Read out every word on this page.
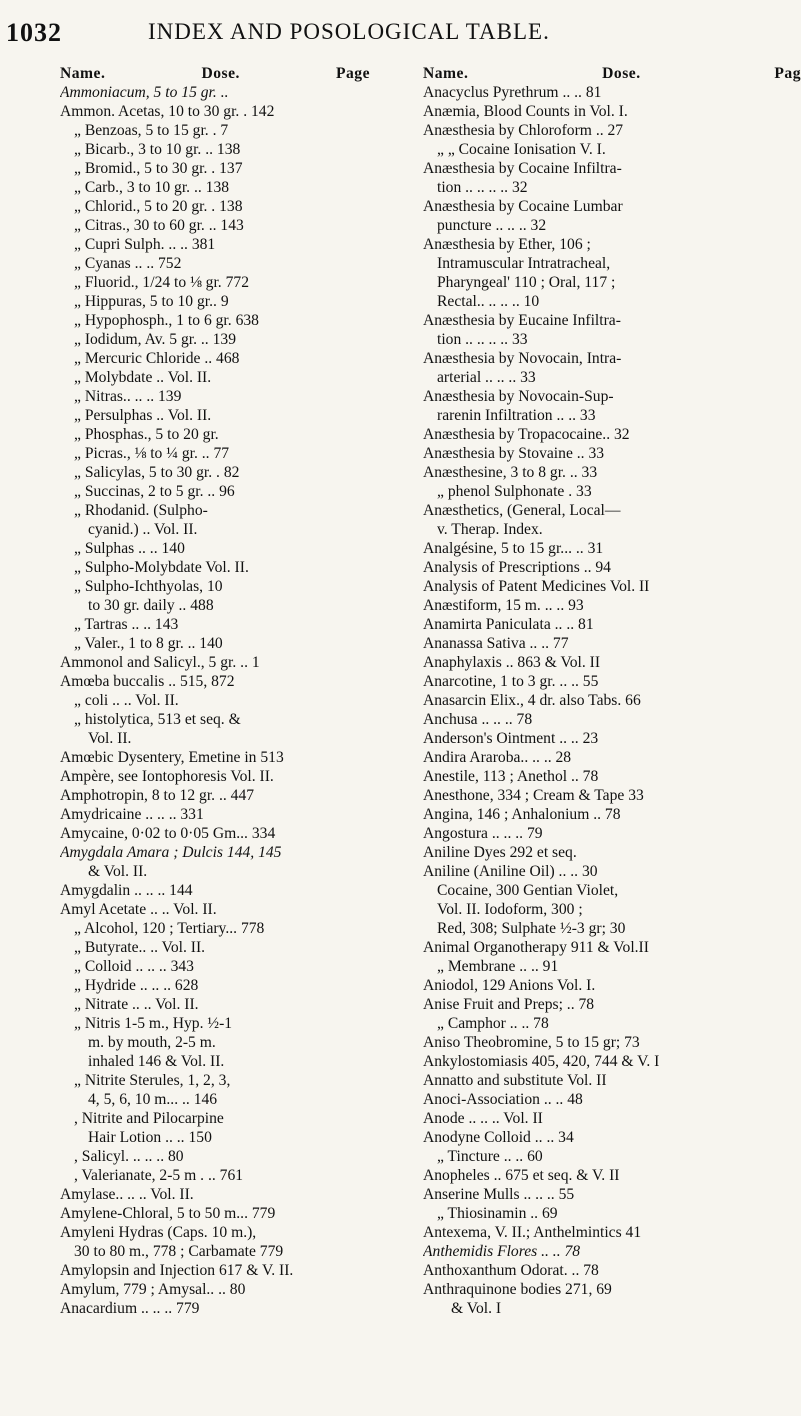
1032	INDEX AND POSOLOGICAL TABLE.
Name.	Dose.	Page
Ammoniacum, 5 to 15 gr. ..
Ammon. Acetas, 10 to 30 gr. . 142
„ Benzoas, 5 to 15 gr. . 7
„ Bicarb., 3 to 10 gr. .. 138
„ Bromid., 5 to 30 gr. . 137
„ Carb., 3 to 10 gr. .. 138
„ Chlorid., 5 to 20 gr. . 138
„ Citras., 30 to 60 gr. .. 143
„ Cupri Sulph. .. .. 381
„ Cyanas .. .. 752
„ Fluorid., 1/24 to ⅛ gr. 772
„ Hippuras, 5 to 10 gr.. 9
„ Hypophosph., 1 to 6 gr. 638
„ Iodidum, Av. 5 gr. .. 139
„ Mercuric Chloride .. 468
„ Molybdate .. Vol. II.
„ Nitras.. .. .. 139
„ Persulphas .. Vol. II.
„ Phosphas., 5 to 20 gr.
„ Picras., ⅛ to ¼ gr. .. 77
„ Salicylas, 5 to 30 gr. . 82
„ Succinas, 2 to 5 gr. .. 96
„ Rhodanid. (Sulpho-
cyanid.) .. Vol. II.
„ Sulphas .. .. 140
„ Sulpho-Molybdate Vol. II.
„ Sulpho-Ichthyolas, 10
to 30 gr. daily .. 488
„ Tartras .. .. 143
„ Valer., 1 to 8 gr. .. 140
Ammonol and Salicyl., 5 gr. .. 1
Amœba buccalis .. 515, 872
„ coli .. .. Vol. II.
„ histolytica, 513 et seq. &
Vol. II.
Amœbic Dysentery, Emetine in 513
Ampère, see Iontophoresis Vol. II.
Amphotropin, 8 to 12 gr. .. 447
Amydricaine .. .. .. 331
Amycaine, 0·02 to 0·05 Gm... 334
Amygdala Amara ; Dulcis 144, 145
& Vol. II.
Amygdalin .. .. .. 144
Amyl Acetate .. .. Vol. II.
„ Alcohol, 120 ; Tertiary... 778
„ Butyrate.. .. Vol. II.
„ Colloid .. .. .. 343
„ Hydride .. .. .. 628
„ Nitrate .. .. Vol. II.
„ Nitris 1-5 m., Hyp. ½-1
m. by mouth, 2-5 m.
inhaled 146 & Vol. II.
„ Nitrite Sterules, 1, 2, 3,
4, 5, 6, 10 m... .. 146
, Nitrite and Pilocarpine
Hair Lotion .. .. 150
, Salicyl. .. .. .. 80
, Valerianate, 2-5 m . .. 761
Amylase.. .. .. Vol. II.
Amylene-Chloral, 5 to 50 m... 779
Amyleni Hydras (Caps. 10 m.),
30 to 80 m., 778 ; Carbamate 779
Amylopsin and Injection 617 & V. II.
Amylum, 779 ; Amysal.. .. 80
Anacardium .. .. .. 779
Name.	Dose.	Pag
Anacyclus Pyrethrum .. .. 81
Anæmia, Blood Counts in Vol. I.
Anæsthesia by Chloroform .. 27
„ „ Cocaine Ionisation V. I.
Anæsthesia by Cocaine Infiltra-
tion .. .. .. .. 32
Anæsthesia by Cocaine Lumbar
puncture .. .. .. 32
Anæsthesia by Ether, 106 ;
Intramuscular Intratracheal,
Pharyngeal' 110 ; Oral, 117 ;
Rectal.. .. .. .. 10
Anæsthesia by Eucaine Infiltra-
tion .. .. .. .. 33
Anæsthesia by Novocain, Intra-
arterial .. .. .. 33
Anæsthesia by Novocain-Sup-
rarenin Infiltration .. .. 33
Anæsthesia by Tropacocaine.. 32
Anæsthesia by Stovaine .. 33
Anæsthesine, 3 to 8 gr. .. 33
„ phenol Sulphonate . 33
Anæsthetics, (General, Local—
v. Therap. Index.
Analgésine, 5 to 15 gr... .. 31
Analysis of Prescriptions .. 94
Analysis of Patent Medicines Vol. II
Anæstiform, 15 m. .. .. 93
Anamirta Paniculata .. .. 81
Ananassa Sativa .. .. 77
Anaphylaxis .. 863 & Vol. II
Anarcotine, 1 to 3 gr. .. .. 55
Anasarcin Elix., 4 dr. also Tabs. 66
Anchusa .. .. .. 78
Anderson's Ointment .. .. 23
Andira Araroba.. .. .. 28
Anestile, 113 ; Anethol .. 78
Anesthone, 334 ; Cream & Tape 33
Angina, 146 ; Anhalonium .. 78
Angostura .. .. .. 79
Aniline Dyes 292 et seq.
Aniline (Aniline Oil) .. .. 30
Cocaine, 300 Gentian Violet,
Vol. II. Iodoform, 300 ;
Red, 308; Sulphate ½-3 gr; 30
Animal Organotherapy 911 & Vol.II
„ Membrane .. .. 91
Aniodol, 129 Anions Vol. I.
Anise Fruit and Preps; .. 78
„ Camphor .. .. 78
Aniso Theobromine, 5 to 15 gr; 73
Ankylostomiasis 405, 420, 744 & V. I
Annatto and substitute Vol. II
Anoci-Association .. .. 48
Anode .. .. .. Vol. II
Anodyne Colloid .. .. 34
„ Tincture .. .. 60
Anopheles .. 675 et seq. & V. II
Anserine Mulls .. .. .. 55
„ Thiosinamin .. 69
Antexema, V. II.; Anthelmintics 41
Anthemidis Flores .. .. 78
Anthoxanthum Odorat. .. 78
Anthraquinone bodies 271, 69
& Vol. I
